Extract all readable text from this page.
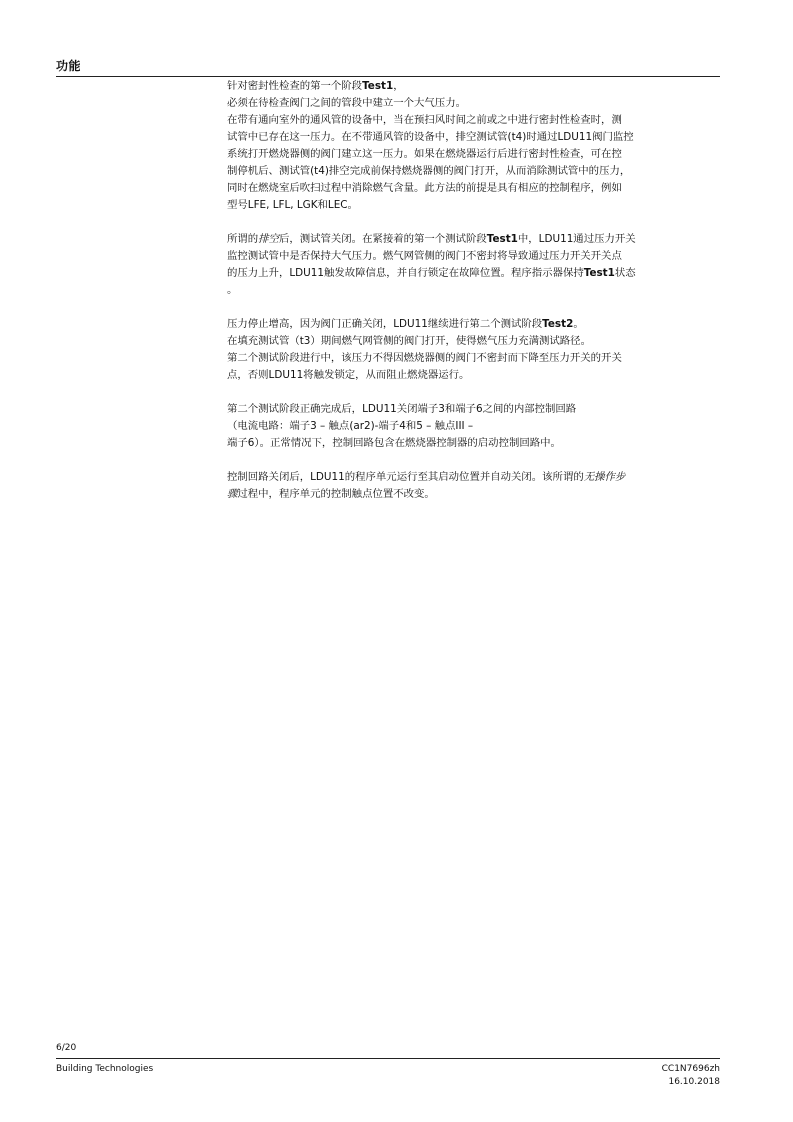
功能

针对密封性检查的第一个阶段Test1，
必须在待检查阀门之间的管段中建立一个大气压力。
在带有通向室外的通风管的设备中，当在预扫风时间之前或之中进行密封性检查时，测
试管中已存在这一压力。在不带通风管的设备中，排空测试管(t4)时通过LDU11阀门监控
系统打开燃烧器侧的阀门建立这一压力。如果在燃烧器运行后进行密封性检查，可在控
制停机后、测试管(t4)排空完成前保持燃烧器侧的阀门打开，从而消除测试管中的压力，
同时在燃烧室后吹扫过程中消除燃气含量。此方法的前提是具有相应的控制程序，例如
型号LFE, LFL, LGK和LEC。

所谓的排空后，测试管关闭。在紧接着的第一个测试阶段Test1中，LDU11通过压力开关
监控测试管中是否保持大气压力。燃气网管侧的阀门不密封将导致通过压力开关开关点
的压力上升，LDU11触发故障信息，并自行锁定在故障位置。程序指示器保持Test1状态
。

压力停止增高，因为阀门正确关闭，LDU11继续进行第二个测试阶段Test2。
在填充测试管（t3）期间燃气网管侧的阀门打开，使得燃气压力充满测试路径。
第二个测试阶段进行中，该压力不得因燃烧器侧的阀门不密封而下降至压力开关的开关
点，否则LDU11将触发锁定，从而阻止燃烧器运行。

第二个测试阶段正确完成后，LDU11关闭端子3和端子6之间的内部控制回路
（电流电路：端子3 – 触点(ar2)-端子4和5 – 触点III –
端子6）。正常情况下，控制回路包含在燃烧器控制器的启动控制回路中。

控制回路关闭后，LDU11的程序单元运行至其启动位置并自动关闭。该所谓的无操作步
骤过程中，程序单元的控制触点位置不改变。

6/20
Building Technologies	CC1N7696zh
16.10.2018
